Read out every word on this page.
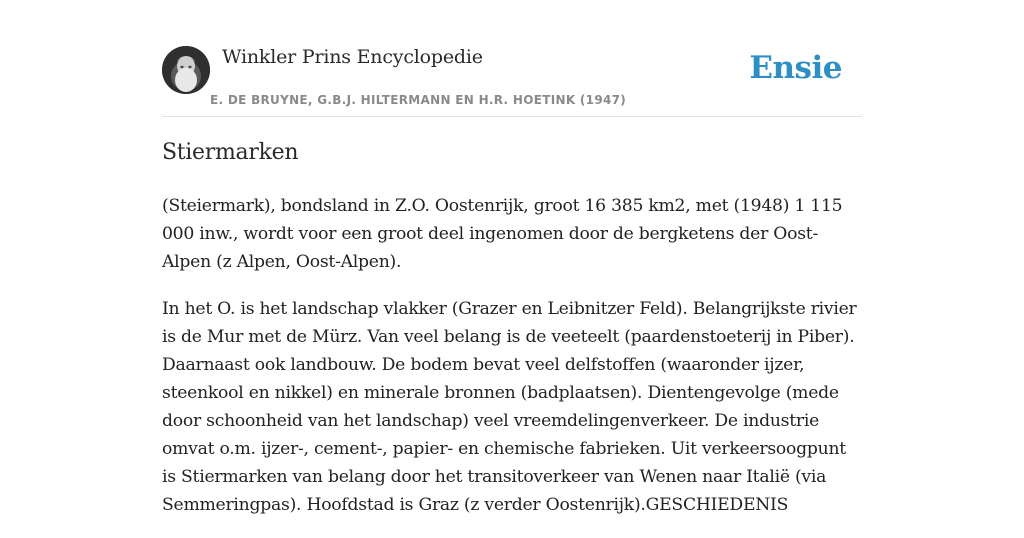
Winkler Prins Encyclopedie
E. DE BRUYNE, G.B.J. HILTERMANN EN H.R. HOETINK (1947)
Ensie
Stiermarken

(Steiermark), bondsland in Z.O. Oostenrijk, groot 16 385 km2, met (1948) 1 115 000 inw., wordt voor een groot deel ingenomen door de bergketens der Oost-Alpen (z Alpen, Oost-Alpen).

In het O. is het landschap vlakker (Grazer en Leibnitzer Feld). Belangrijkste rivier is de Mur met de Mürz. Van veel belang is de veeteelt (paardenstoeterij in Piber). Daarnaast ook landbouw. De bodem bevat veel delfstoffen (waaronder ijzer, steenkool en nikkel) en minerale bronnen (badplaatsen). Dientengevolge (mede door schoonheid van het landschap) veel vreemdelingenverkeer. De industrie omvat o.m. ijzer-, cement-, papier- en chemische fabrieken. Uit verkeersoogpunt is Stiermarken van belang door het transitoverkeer van Wenen naar Italië (via Semmeringpas). Hoofdstad is Graz (z verder Oostenrijk).GESCHIEDENIS
